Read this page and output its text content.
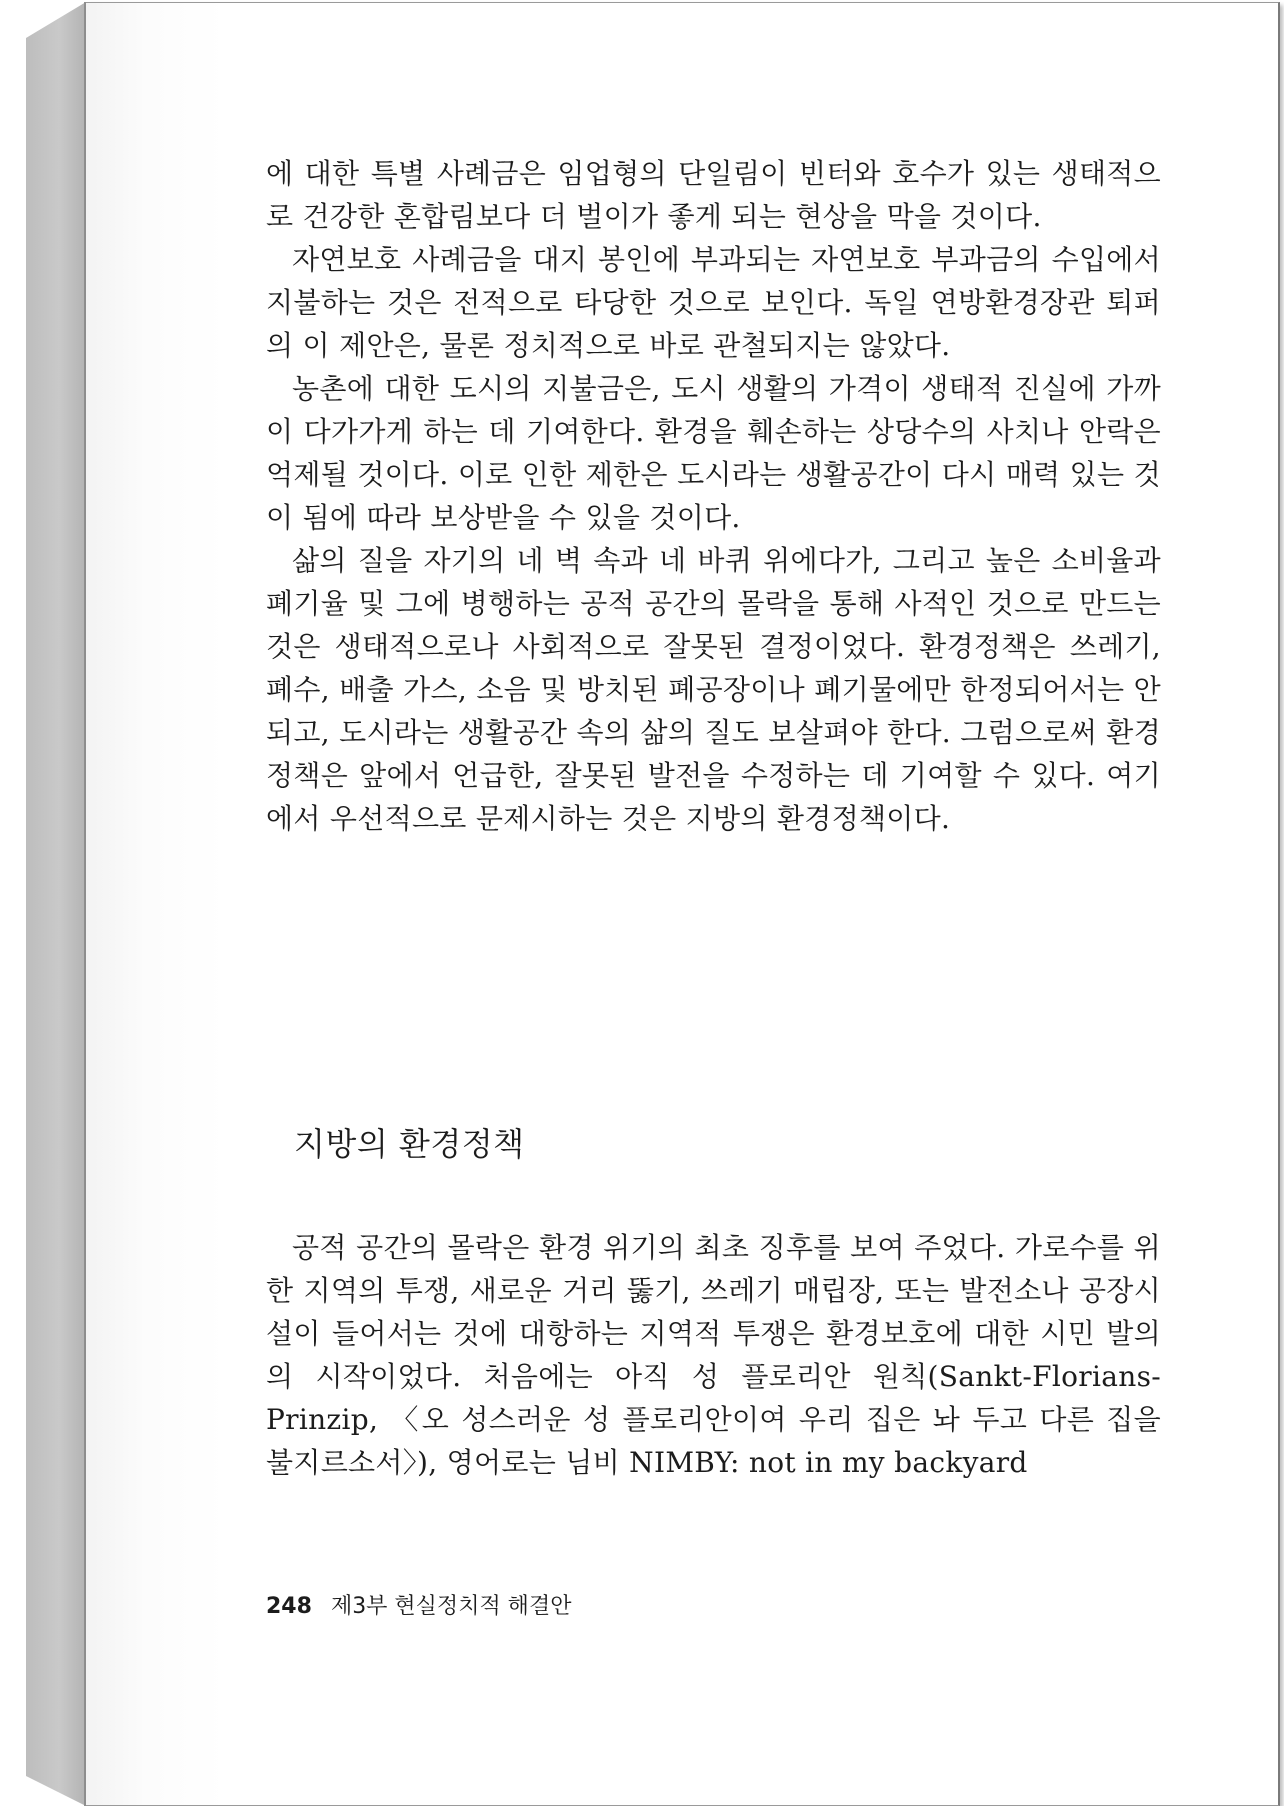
에 대한 특별 사례금은 임업형의 단일림이 빈터와 호수가 있는 생태적으로 건강한 혼합림보다 더 벌이가 좋게 되는 현상을 막을 것이다.

자연보호 사례금을 대지 봉인에 부과되는 자연보호 부과금의 수입에서 지불하는 것은 전적으로 타당한 것으로 보인다. 독일 연방환경장관 퇴퍼의 이 제안은, 물론 정치적으로 바로 관철되지는 않았다.

농촌에 대한 도시의 지불금은, 도시 생활의 가격이 생태적 진실에 가까이 다가가게 하는 데 기여한다. 환경을 훼손하는 상당수의 사치나 안락은 억제될 것이다. 이로 인한 제한은 도시라는 생활공간이 다시 매력 있는 것이 됨에 따라 보상받을 수 있을 것이다.

삶의 질을 자기의 네 벽 속과 네 바퀴 위에다가, 그리고 높은 소비율과 폐기율 및 그에 병행하는 공적 공간의 몰락을 통해 사적인 것으로 만드는 것은 생태적으로나 사회적으로 잘못된 결정이었다. 환경정책은 쓰레기, 폐수, 배출 가스, 소음 및 방치된 폐공장이나 폐기물에만 한정되어서는 안 되고, 도시라는 생활공간 속의 삶의 질도 보살펴야 한다. 그럼으로써 환경정책은 앞에서 언급한, 잘못된 발전을 수정하는 데 기여할 수 있다. 여기에서 우선적으로 문제시하는 것은 지방의 환경정책이다.

지방의 환경정책

공적 공간의 몰락은 환경 위기의 최초 징후를 보여 주었다. 가로수를 위한 지역의 투쟁, 새로운 거리 뚫기, 쓰레기 매립장, 또는 발전소나 공장시설이 들어서는 것에 대항하는 지역적 투쟁은 환경보호에 대한 시민 발의의 시작이었다. 처음에는 아직 성 플로리안 원칙(Sankt-Florians-Prinzip, 〈오 성스러운 성 플로리안이여 우리 집은 놔 두고 다른 집을 불지르소서〉), 영어로는 님비 NIMBY: not in my backyard

248 제3부 현실정치적 해결안
